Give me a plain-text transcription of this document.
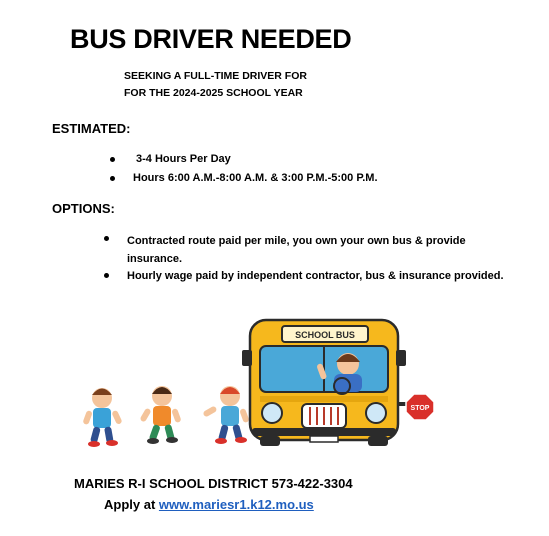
BUS DRIVER NEEDED
SEEKING A FULL-TIME DRIVER FOR
FOR THE 2024-2025 SCHOOL YEAR
ESTIMATED:
3-4 Hours Per Day
Hours 6:00 A.M.-8:00 A.M. & 3:00 P.M.-5:00 P.M.
OPTIONS:
Contracted route paid per mile, you own your own bus & provide insurance.
Hourly wage paid by independent contractor, bus & insurance provided.
SCHOOL BUS
STOP
MARIES R-I SCHOOL DISTRICT 573-422-3304
Apply at www.mariesr1.k12.mo.us
